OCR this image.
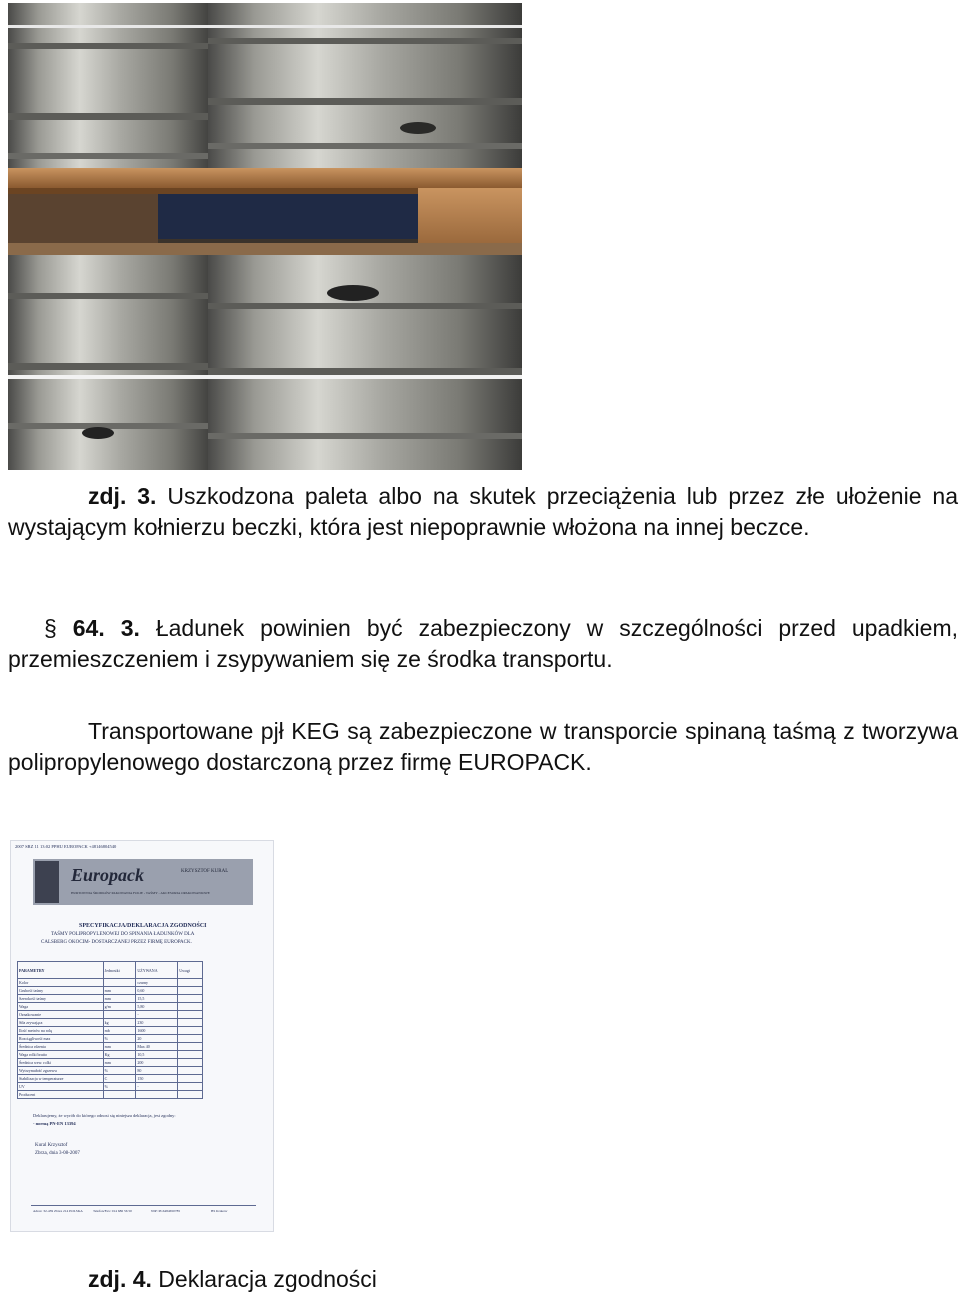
zdj. 3. Uszkodzona paleta albo na skutek przeciążenia lub przez złe ułożenie na wystającym kołnierzu beczki, która jest niepoprawnie włożona na innej beczce.

§ 64. 3. Ładunek powinien być zabezpieczony w szczególności przed upadkiem, przemieszczeniem i zsypywaniem się ze środka transportu.

Transportowane pjł KEG są zabezpieczone w transporcie spinaną taśmą z tworzywa polipropylenowego dostarczoną przez firmę EUROPACK.

2007 SRZ 11 13:02 PPHU EUROPACK +48146804540
Europack	KRZYSZTOF KURAL
HURTOWNIA ŚRODKÓW PAKOWANIA FOLIE - TAŚMY - AKCESORIA OPAKOWANIOWE
SPECYFIKACJA/DEKLARACJA ZGODNOŚCI
TAŚMY POLIPROPYLENOWEJ DO SPINANIA ŁADUNKÓW DLA
CALSBERG OKOCIM- DOSTARCZANEJ PRZEZ FIRMĘ EUROPACK.
PARAMETRY	Jednostki	UŻYWANA	Uwagi
Kolor		czarny	
Grubość taśmy	mm	0,60	
Szerokość taśmy	mm	15,5	
Waga	g/m	5,80	
Oznakowanie		-	
Siła zrywająca	kg	230	
Ilość metrów na rolę	mb	1600	
Rozciągliwość max	%	20	
Średnica rdzenia	mm	Max 40	
Waga rolki brutto	Kg	10,5	
Średnica wew. rolki	mm	200	
Wytrzymałość zgrzewu	%	80	
Stabilizacja w temperaturze	C	150	
UV	%	-	
Producent			
Deklarujemy, że wyrób do którego odnosi się niniejsza deklaracja, jest zgodny:
- normą PN-EN 13394
Kural Krzysztof
Zbrza, dnia 3-08-2007
Adres: 32-439 Zbrza 214 POLSKA	Telefon/Fax: 014 686 56 50	NIP: PL6484650785	BS Kraków

zdj. 4. Deklaracja zgodności
